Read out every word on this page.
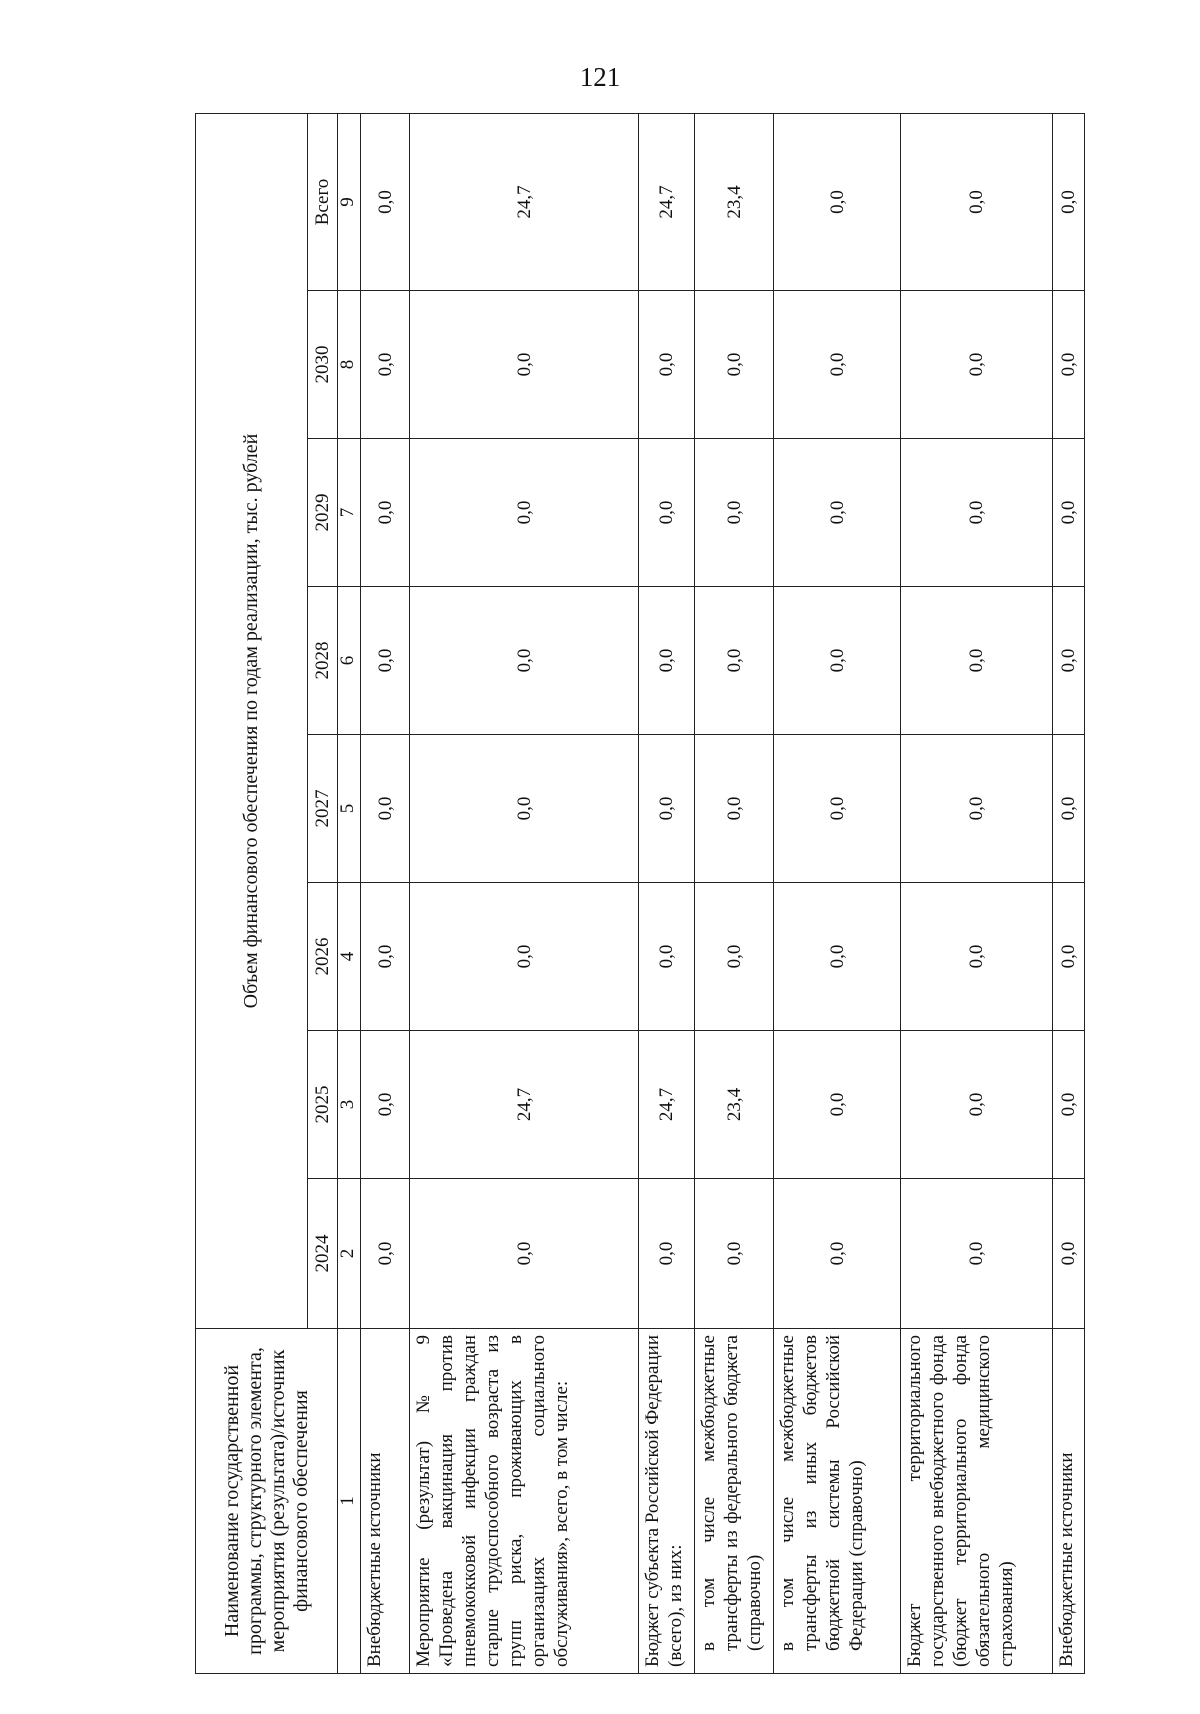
121
Наименование государственной программы, структурного элемента, мероприятия (результата)/источник финансового обеспечения	Объем финансового обеспечения по годам реализации, тыс. рублей							
	2024	2025	2026	2027	2028	2029	2030	Всего
1	2	3	4	5	6	7	8	9
Внебюджетные источники	0,0	0,0	0,0	0,0	0,0	0,0	0,0	0,0
Мероприятие (результат) № 9 «Проведена вакцинация против пневмококковой инфекции граждан старше трудоспособного возраста из групп риска, проживающих в организациях социального обслуживания», всего, в том числе:	0,0	24,7	0,0	0,0	0,0	0,0	0,0	24,7
Бюджет субъекта Российской Федерации (всего), из них:	0,0	24,7	0,0	0,0	0,0	0,0	0,0	24,7
в том числе межбюджетные трансферты из федерального бюджета (справочно)	0,0	23,4	0,0	0,0	0,0	0,0	0,0	23,4
в том числе межбюджетные трансферты из иных бюджетов бюджетной системы Российской Федерации (справочно)	0,0	0,0	0,0	0,0	0,0	0,0	0,0	0,0
Бюджет территориального государственного внебюджетного фонда (бюджет территориального фонда обязательного медицинского страхования)	0,0	0,0	0,0	0,0	0,0	0,0	0,0	0,0
Внебюджетные источники	0,0	0,0	0,0	0,0	0,0	0,0	0,0	0,0
